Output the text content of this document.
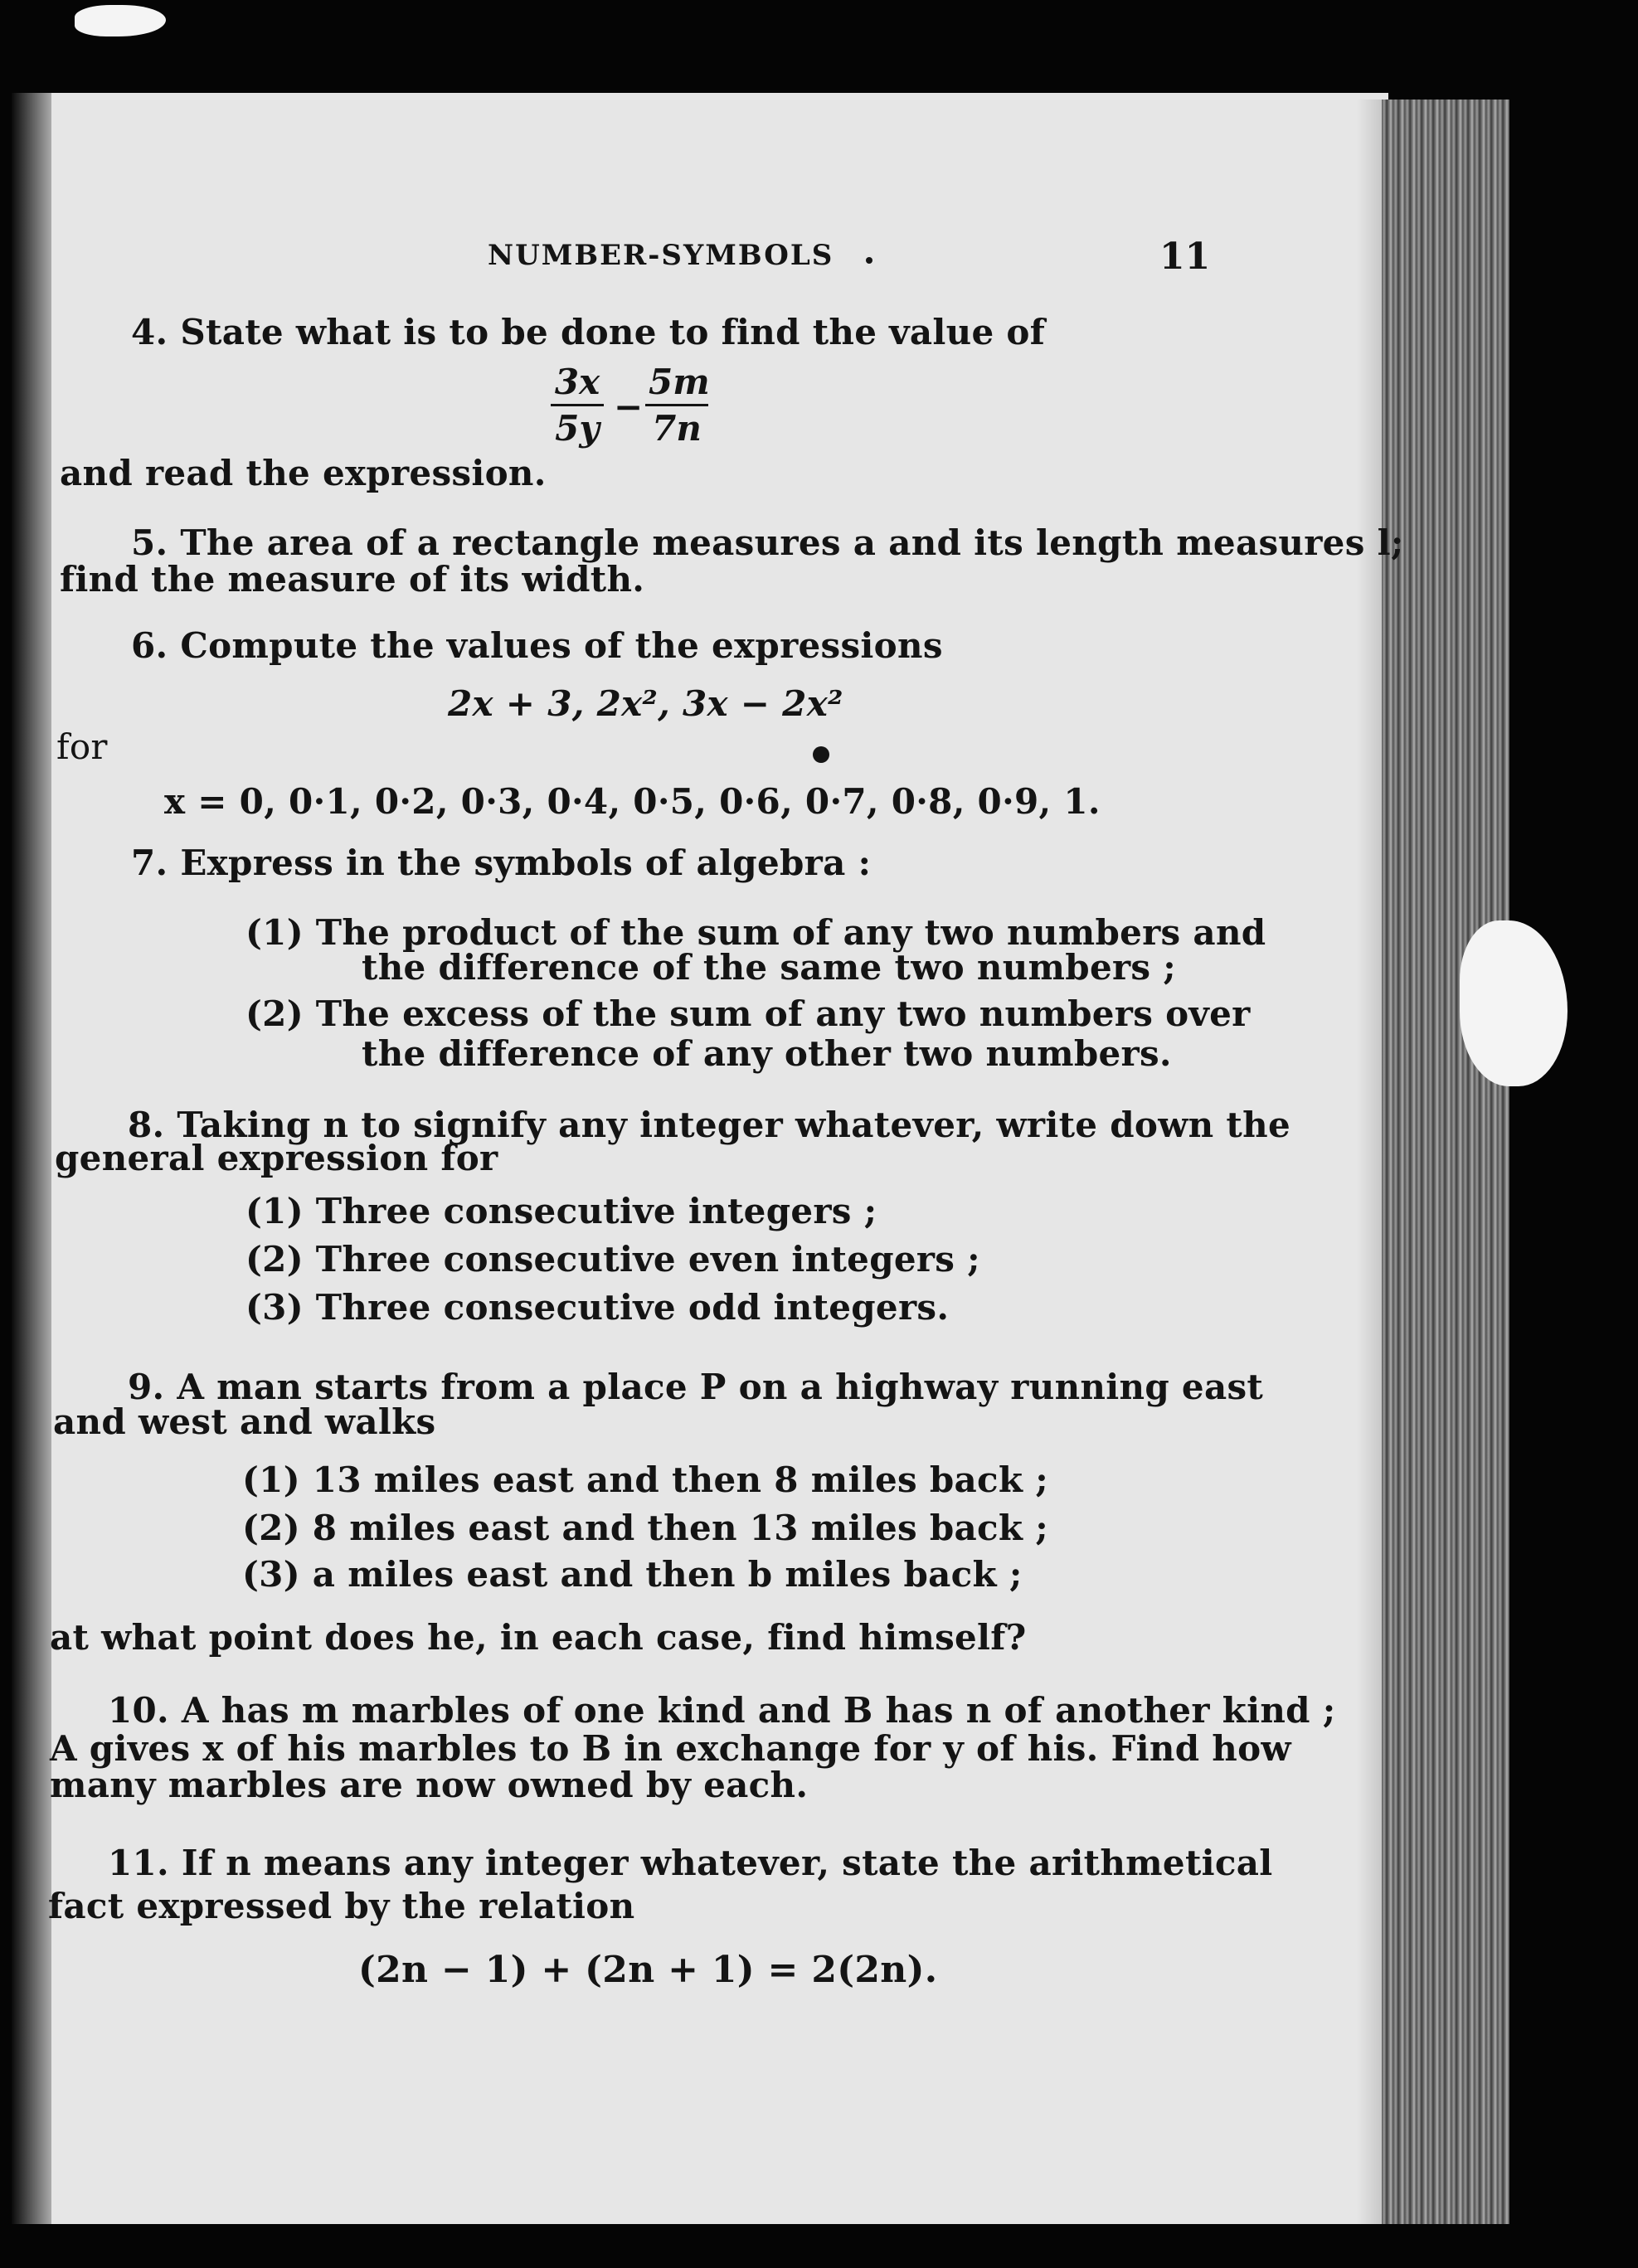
NUMBER-SYMBOLS	11
4. State what is to be done to find the value of
$\frac{3x}{5y} - \frac{5m}{7n}$
and read the expression.
5. The area of a rectangle measures a and its length measures l;
find the measure of its width.
6. Compute the values of the expressions
2x + 3, 2x², 3x − 2x²
for
x = 0, 0·1, 0·2, 0·3, 0·4, 0·5, 0·6, 0·7, 0·8, 0·9, 1.
7. Express in the symbols of algebra :
(1) The product of the sum of any two numbers and
the difference of the same two numbers ;
(2) The excess of the sum of any two numbers over
the difference of any other two numbers.
8. Taking n to signify any integer whatever, write down the
general expression for
(1) Three consecutive integers ;
(2) Three consecutive even integers ;
(3) Three consecutive odd integers.
9. A man starts from a place P on a highway running east
and west and walks
(1) 13 miles east and then 8 miles back ;
(2) 8 miles east and then 13 miles back ;
(3) a miles east and then b miles back ;
at what point does he, in each case, find himself?
10. A has m marbles of one kind and B has n of another kind ;
A gives x of his marbles to B in exchange for y of his. Find how
many marbles are now owned by each.
11. If n means any integer whatever, state the arithmetical
fact expressed by the relation
(2n − 1) + (2n + 1) = 2(2n).
